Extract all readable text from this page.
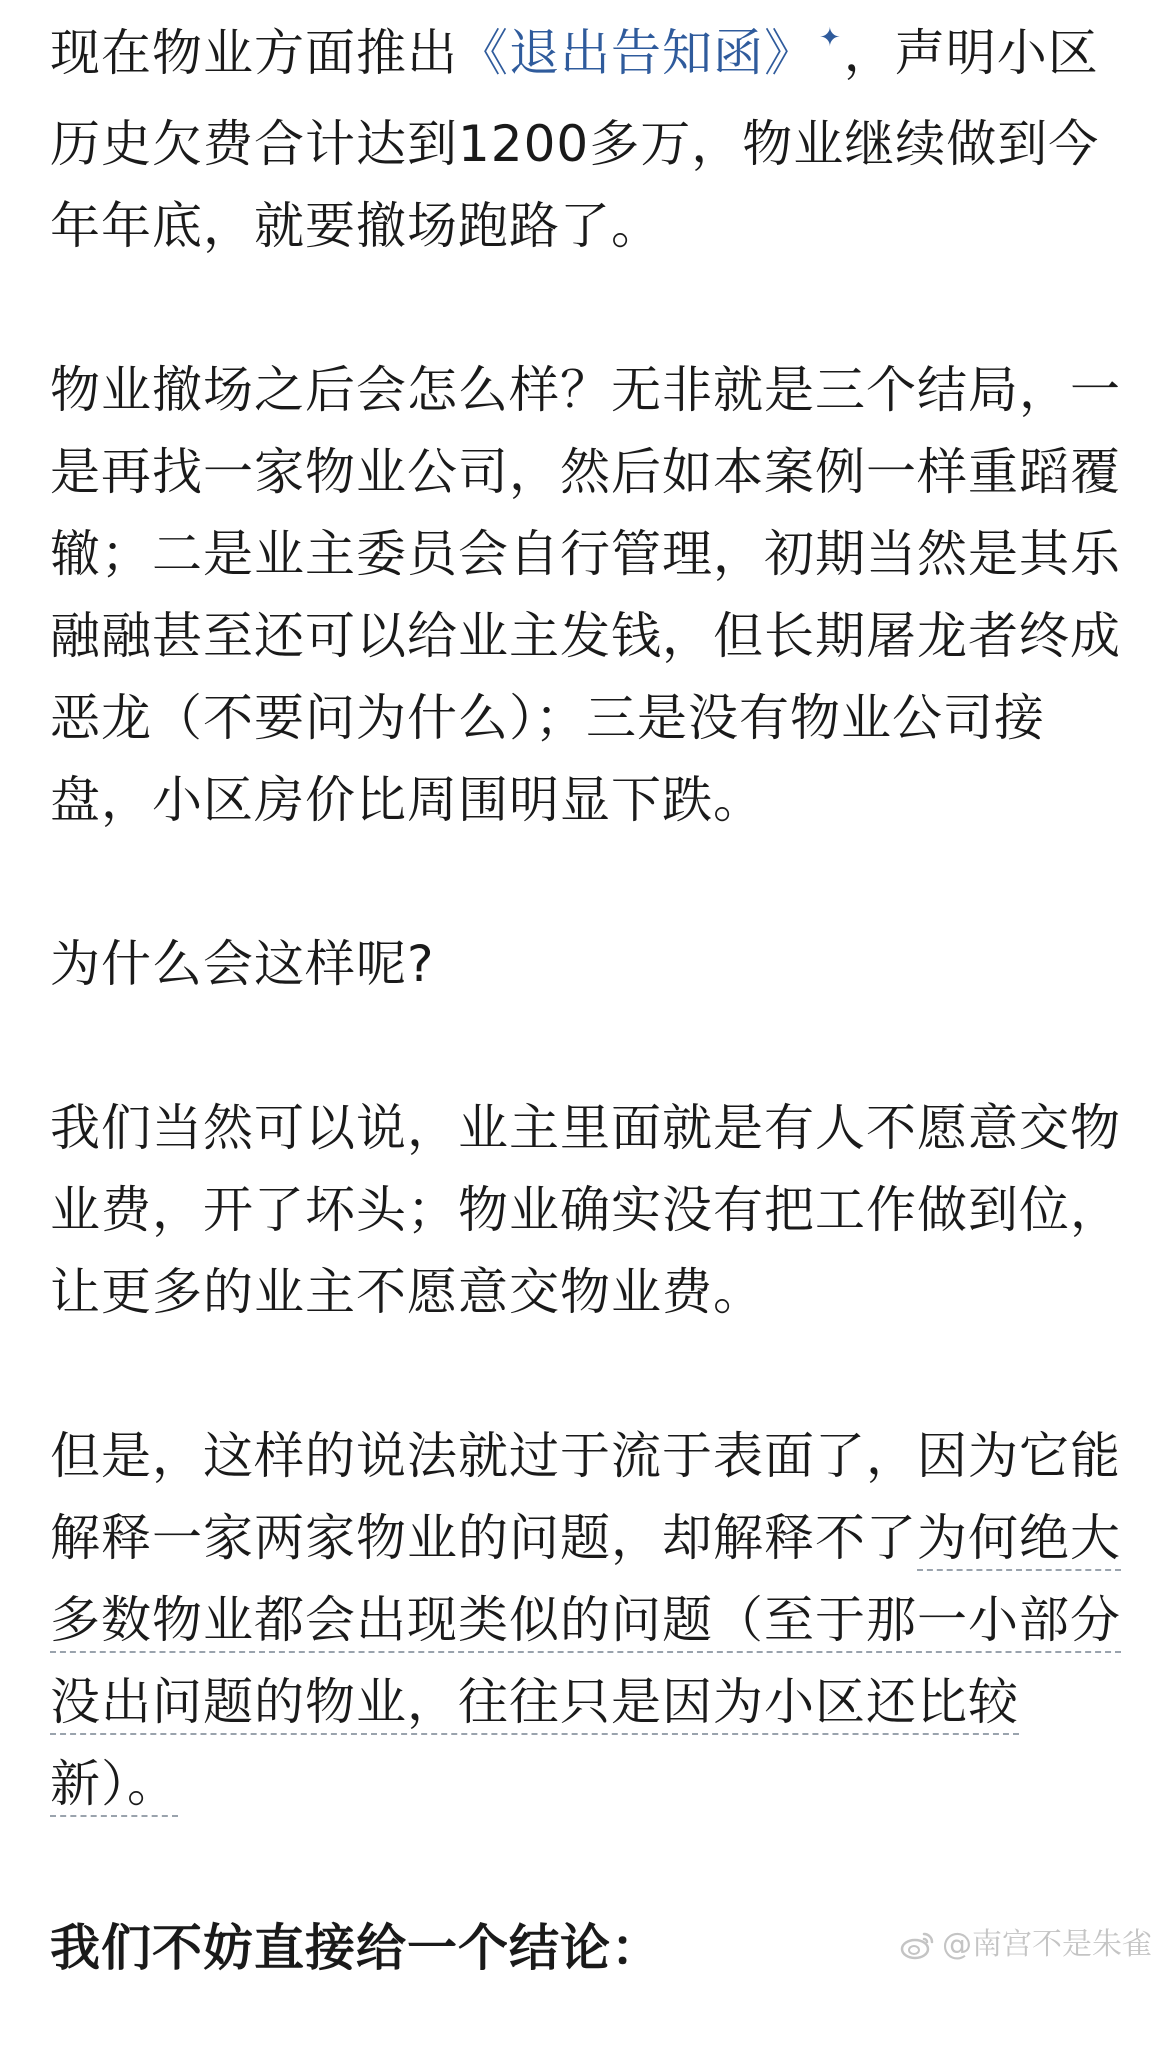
现在物业方面推出《退出告知函》 ✦，声明小区历史欠费合计达到1200多万，物业继续做到今年年底，就要撤场跑路了。

物业撤场之后会怎么样？无非就是三个结局，一是再找一家物业公司，然后如本案例一样重蹈覆辙；二是业主委员会自行管理，初期当然是其乐融融甚至还可以给业主发钱，但长期屠龙者终成恶龙（不要问为什么）；三是没有物业公司接盘，小区房价比周围明显下跌。

为什么会这样呢?

我们当然可以说，业主里面就是有人不愿意交物业费，开了坏头；物业确实没有把工作做到位，让更多的业主不愿意交物业费。

但是，这样的说法就过于流于表面了，因为它能解释一家两家物业的问题，却解释不了为何绝大多数物业都会出现类似的问题（至于那一小部分没出问题的物业，往往只是因为小区还比较新）。

我们不妨直接给一个结论：	@南宫不是朱雀
